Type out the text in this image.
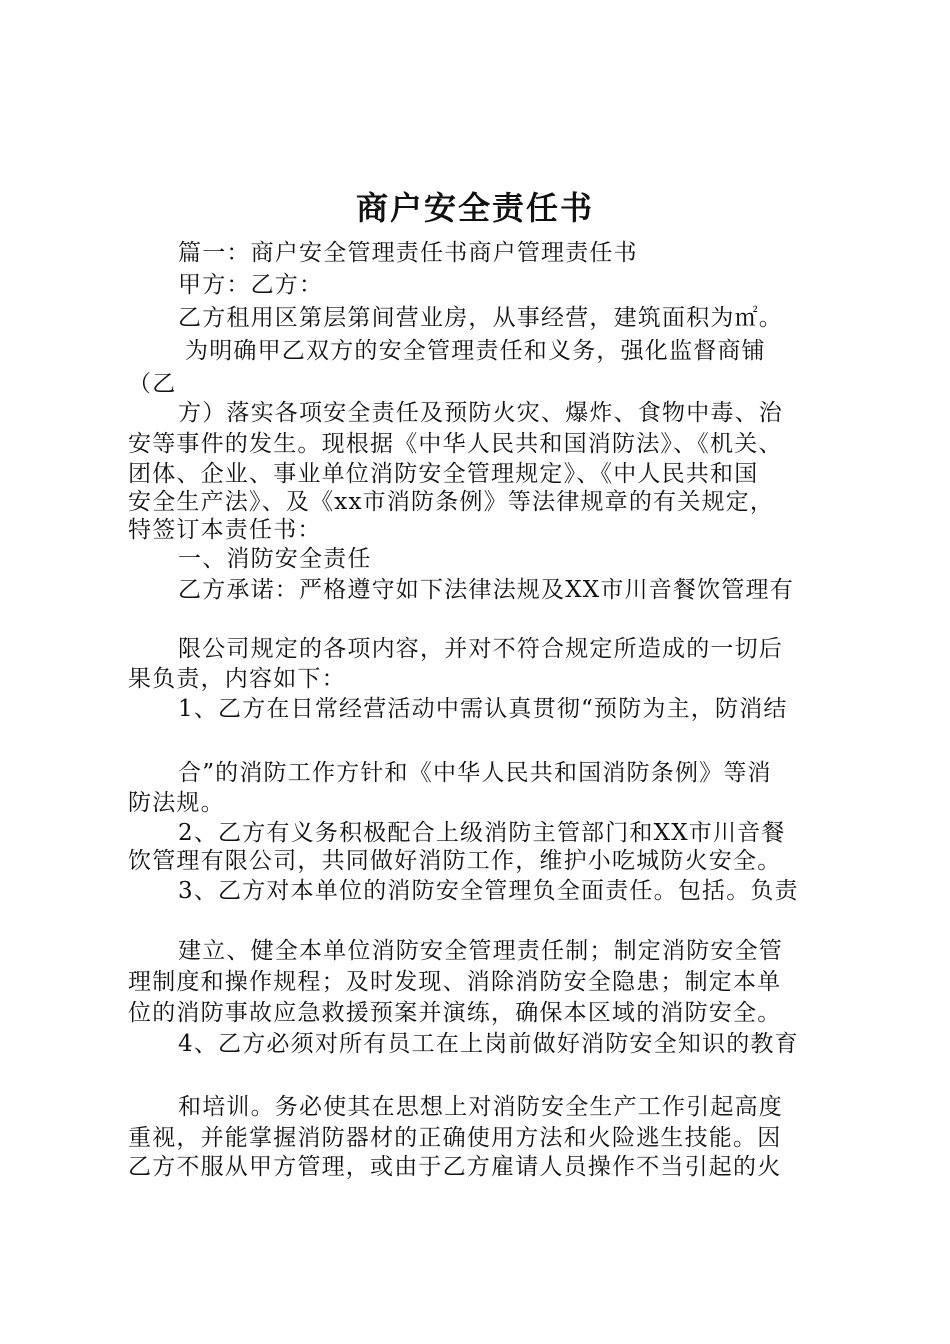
商户安全责任书
篇一：商户安全管理责任书商户管理责任书
甲方：乙方：
乙方租用区第层第间营业房，从事经营，建筑面积为㎡。
为明确甲乙双方的安全管理责任和义务，强化监督商铺
（乙
方）落实各项安全责任及预防火灾、爆炸、食物中毒、治
安等事件的发生。现根据《中华人民共和国消防法》、《机关、
团体、企业、事业单位消防安全管理规定》、《中人民共和国
安全生产法》、及《xx市消防条例》等法律规章的有关规定，
特签订本责任书：
一、消防安全责任
乙方承诺：严格遵守如下法律法规及XX市川音餐饮管理有
限公司规定的各项内容，并对不符合规定所造成的一切后
果负责，内容如下：
1、乙方在日常经营活动中需认真贯彻“预防为主，防消结
合”的消防工作方针和《中华人民共和国消防条例》等消
防法规。
2、乙方有义务积极配合上级消防主管部门和XX市川音餐
饮管理有限公司，共同做好消防工作，维护小吃城防火安全。
3、乙方对本单位的消防安全管理负全面责任。包括。负责
建立、健全本单位消防安全管理责任制；制定消防安全管
理制度和操作规程；及时发现、消除消防安全隐患；制定本单
位的消防事故应急救援预案并演练，确保本区域的消防安全。
4、乙方必须对所有员工在上岗前做好消防安全知识的教育
和培训。务必使其在思想上对消防安全生产工作引起高度
重视，并能掌握消防器材的正确使用方法和火险逃生技能。因
乙方不服从甲方管理，或由于乙方雇请人员操作不当引起的火
